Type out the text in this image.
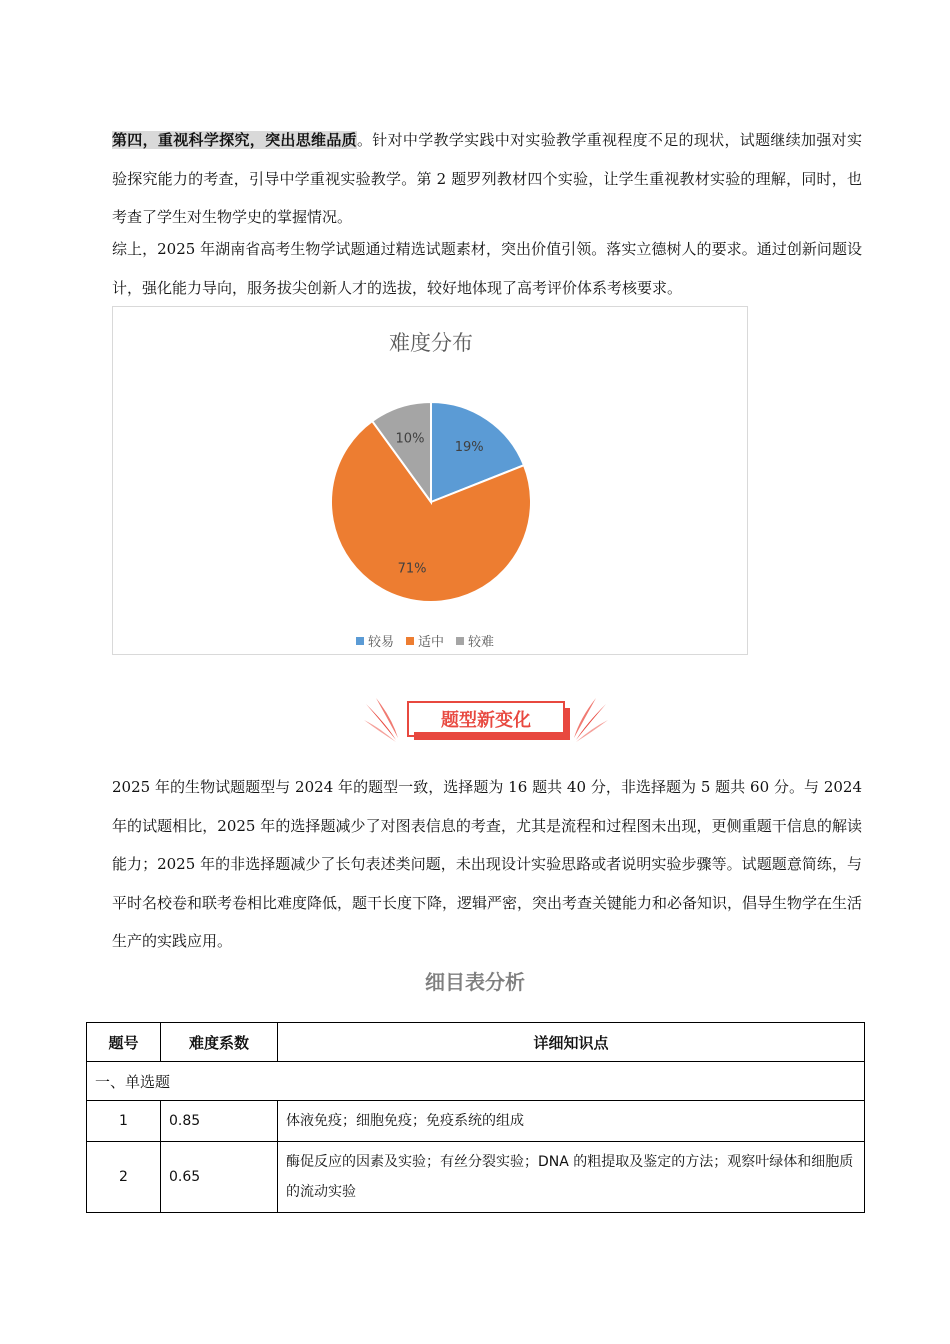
第四，重视科学探究，突出思维品质。针对中学教学实践中对实验教学重视程度不足的现状，试题继续加强对实验探究能力的考查，引导中学重视实验教学。第 2 题罗列教材四个实验，让学生重视教材实验的理解，同时，也考查了学生对生物学史的掌握情况。

综上，2025 年湖南省高考生物学试题通过精选试题素材，突出价值引领。落实立德树人的要求。通过创新问题设计，强化能力导向，服务拔尖创新人才的选拔，较好地体现了高考评价体系考核要求。

难度分布
19%
71%
10%
较易 适中 较难
题型新变化

2025 年的生物试题题型与 2024 年的题型一致，选择题为 16 题共 40 分，非选择题为 5 题共 60 分。与 2024 年的试题相比，2025 年的选择题减少了对图表信息的考查，尤其是流程和过程图未出现，更侧重题干信息的解读能力；2025 年的非选择题减少了长句表述类问题，未出现设计实验思路或者说明实验步骤等。试题题意简练，与平时名校卷和联考卷相比难度降低，题干长度下降，逻辑严密，突出考查关键能力和必备知识，倡导生物学在生活生产的实践应用。

细目表分析
题号	难度系数	详细知识点
一、单选题		
1	0.85	体液免疫；细胞免疫；免疫系统的组成
2	0.65	酶促反应的因素及实验；有丝分裂实验；DNA 的粗提取及鉴定的方法；观察叶绿体和细胞质的流动实验
